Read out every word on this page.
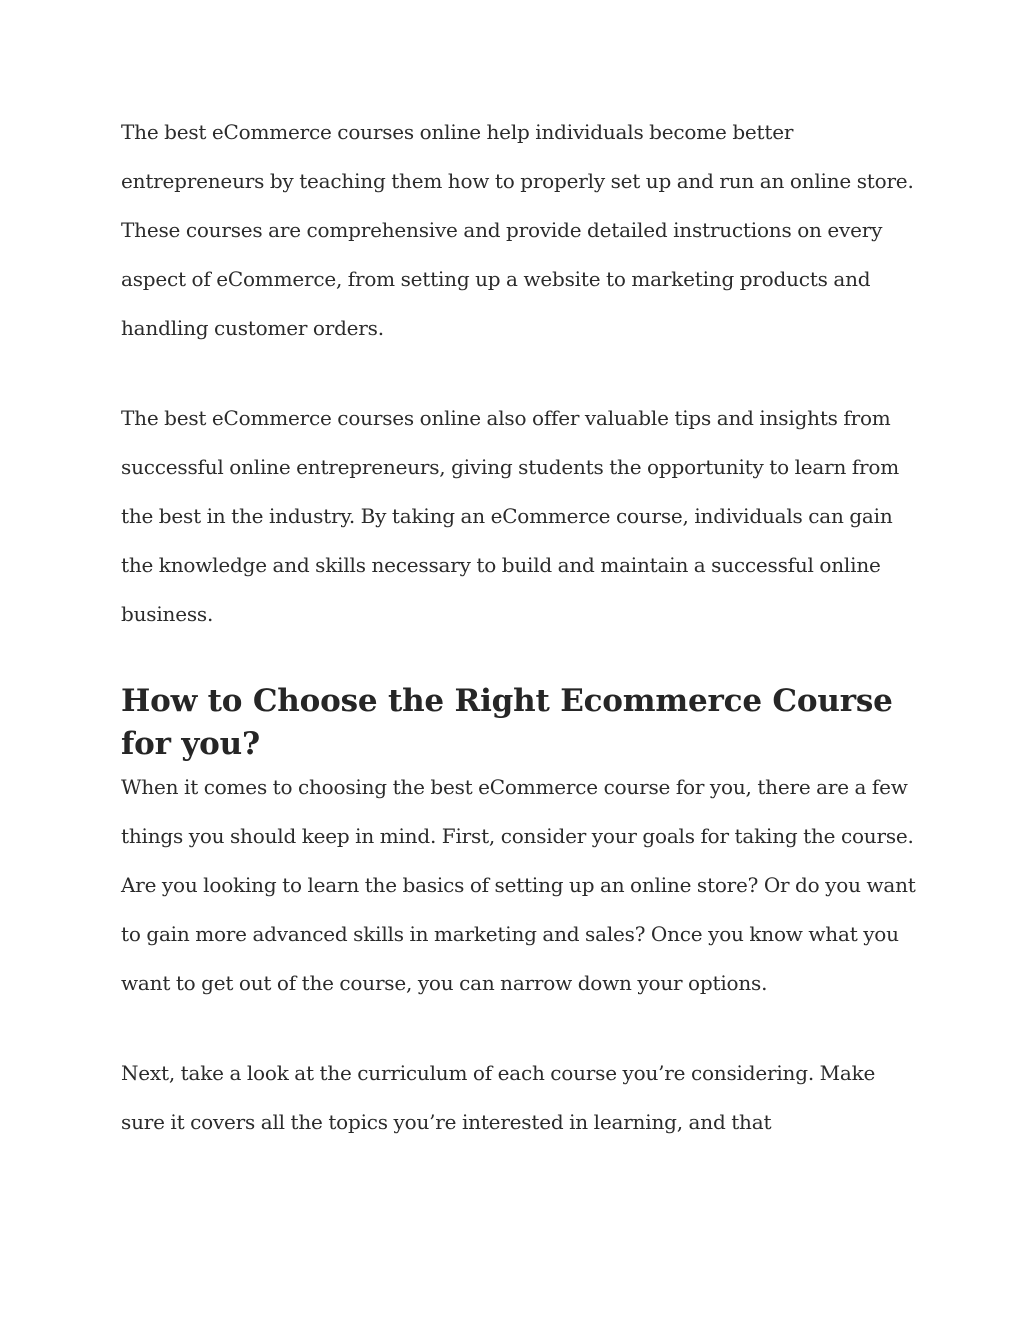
The best eCommerce courses online help individuals become better entrepreneurs by teaching them how to properly set up and run an online store. These courses are comprehensive and provide detailed instructions on every aspect of eCommerce, from setting up a website to marketing products and handling customer orders.

The best eCommerce courses online also offer valuable tips and insights from successful online entrepreneurs, giving students the opportunity to learn from the best in the industry. By taking an eCommerce course, individuals can gain the knowledge and skills necessary to build and maintain a successful online business.

How to Choose the Right Ecommerce Course for you?

When it comes to choosing the best eCommerce course for you, there are a few things you should keep in mind. First, consider your goals for taking the course. Are you looking to learn the basics of setting up an online store? Or do you want to gain more advanced skills in marketing and sales? Once you know what you want to get out of the course, you can narrow down your options.

Next, take a look at the curriculum of each course you’re considering. Make sure it covers all the topics you’re interested in learning, and that
